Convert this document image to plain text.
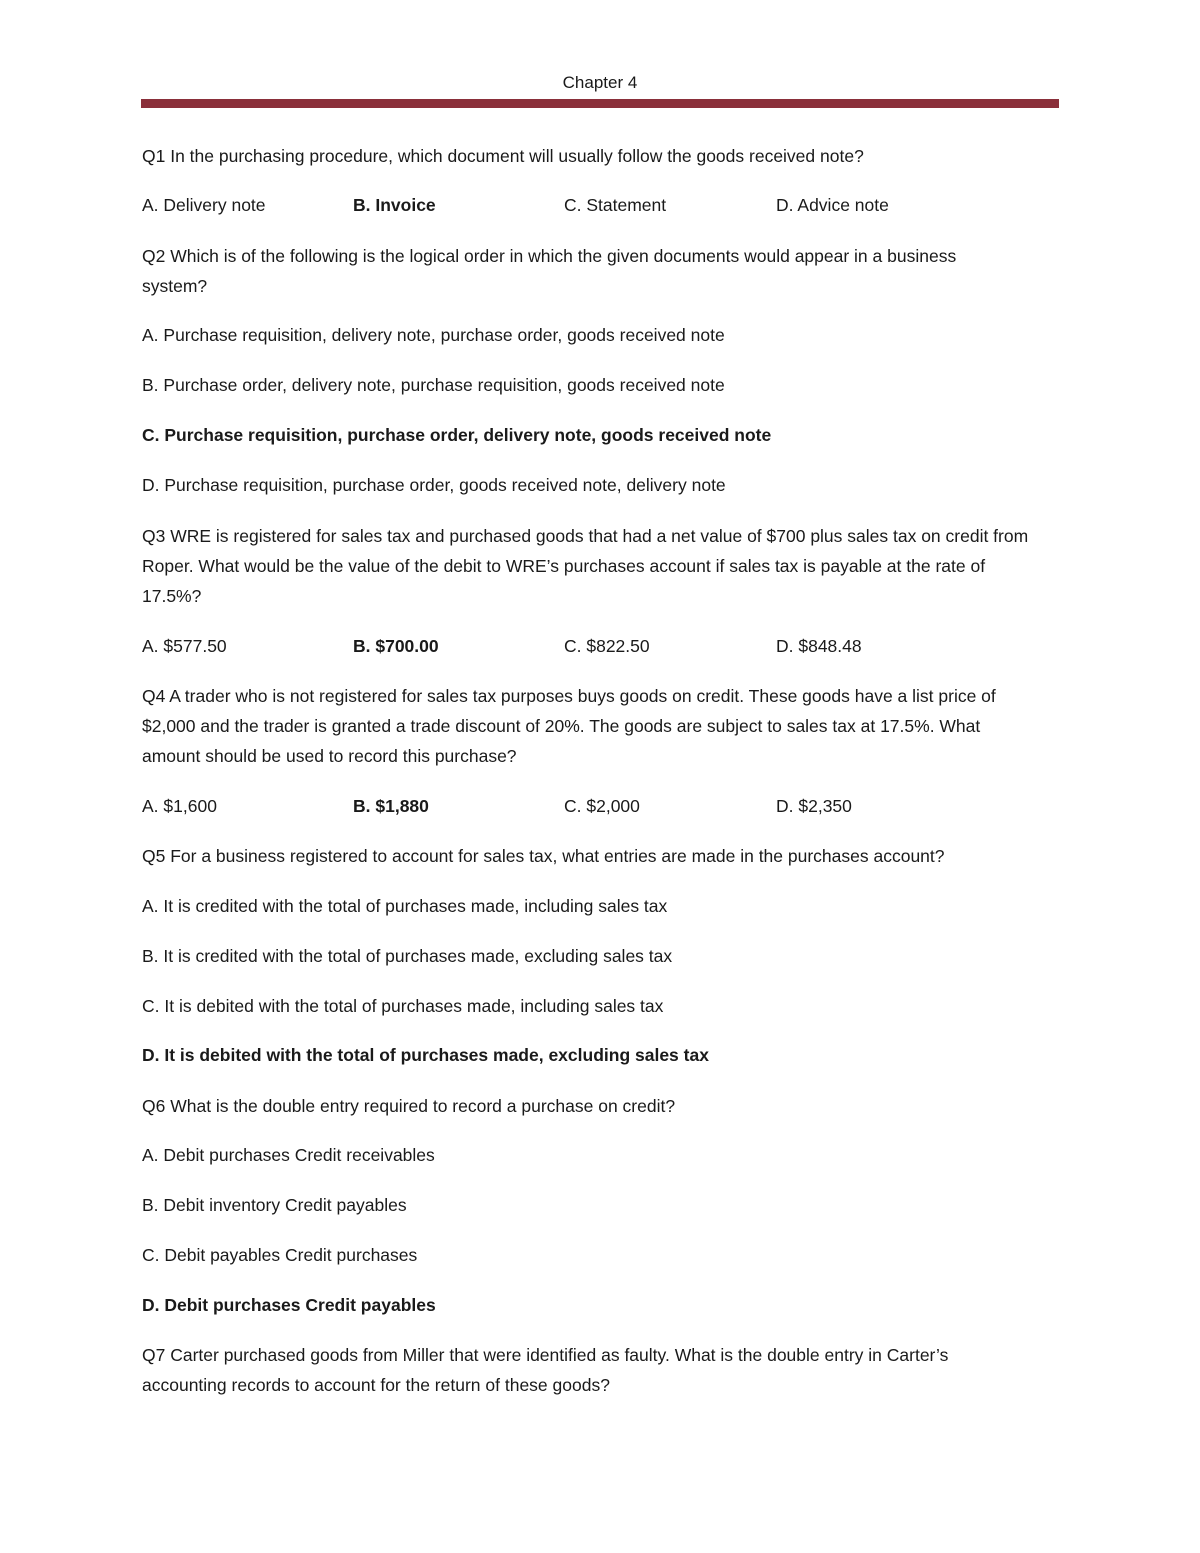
Chapter 4
Q1 In the purchasing procedure, which document will usually follow the goods received note?
A. Delivery note	B. Invoice	C. Statement	D. Advice note
Q2 Which is of the following is the logical order in which the given documents would appear in a business system?
A. Purchase requisition, delivery note, purchase order, goods received note
B. Purchase order, delivery note, purchase requisition, goods received note
C. Purchase requisition, purchase order, delivery note, goods received note
D. Purchase requisition, purchase order, goods received note, delivery note
Q3 WRE is registered for sales tax and purchased goods that had a net value of $700 plus sales tax on credit from Roper. What would be the value of the debit to WRE’s purchases account if sales tax is payable at the rate of 17.5%?
A. $577.50	B. $700.00	C. $822.50	D. $848.48
Q4 A trader who is not registered for sales tax purposes buys goods on credit. These goods have a list price of $2,000 and the trader is granted a trade discount of 20%. The goods are subject to sales tax at 17.5%. What amount should be used to record this purchase?
A. $1,600	B. $1,880	C. $2,000	D. $2,350
Q5 For a business registered to account for sales tax, what entries are made in the purchases account?
A. It is credited with the total of purchases made, including sales tax
B. It is credited with the total of purchases made, excluding sales tax
C. It is debited with the total of purchases made, including sales tax
D. It is debited with the total of purchases made, excluding sales tax
Q6 What is the double entry required to record a purchase on credit?
A. Debit purchases Credit receivables
B. Debit inventory Credit payables
C. Debit payables Credit purchases
D. Debit purchases Credit payables
Q7 Carter purchased goods from Miller that were identified as faulty. What is the double entry in Carter’s accounting records to account for the return of these goods?
